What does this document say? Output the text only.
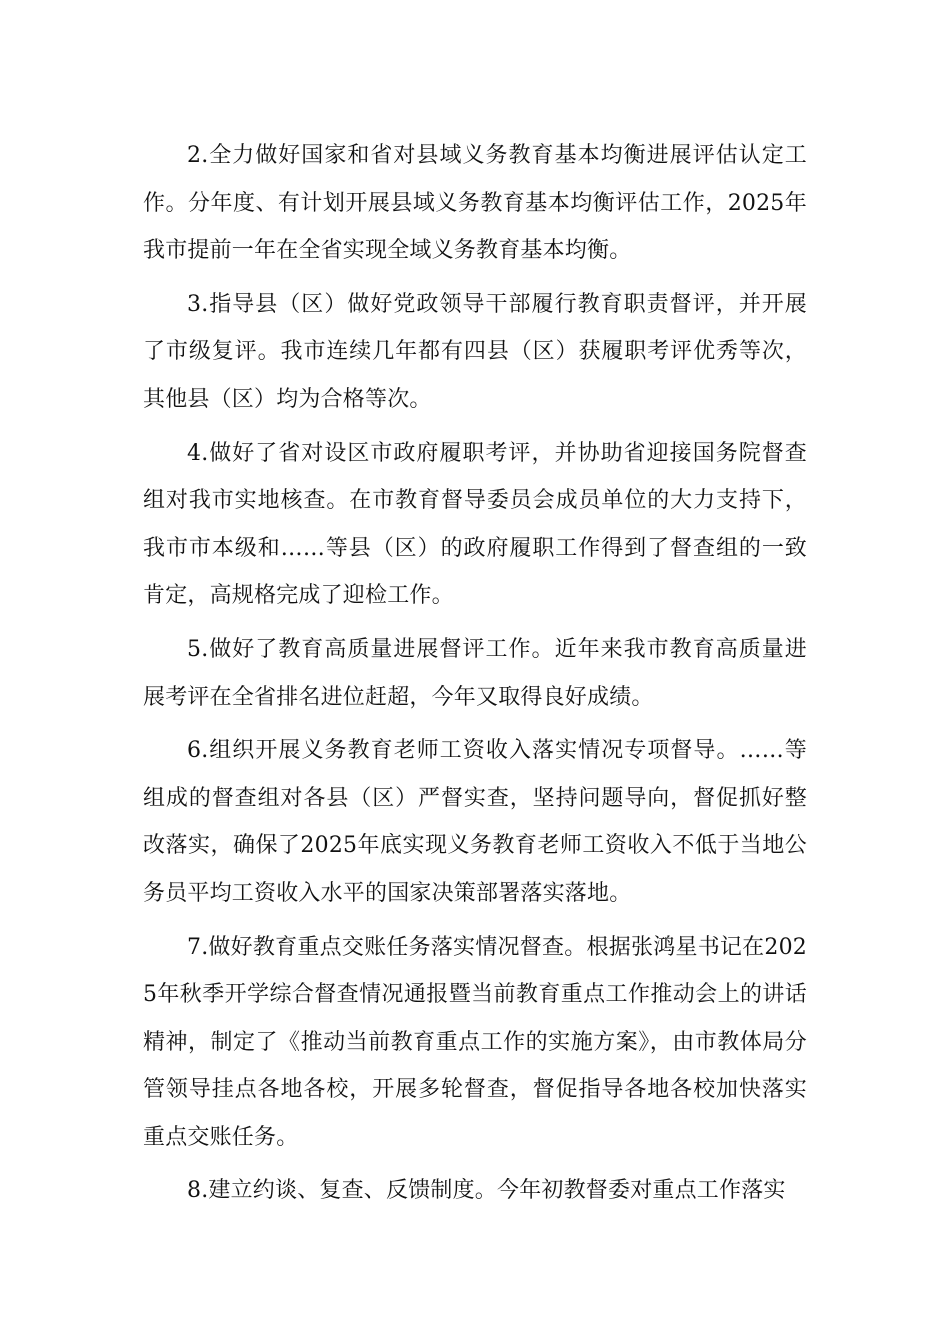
2.全力做好国家和省对县域义务教育基本均衡进展评估认定工作。分年度、有计划开展县域义务教育基本均衡评估工作，2025年我市提前一年在全省实现全域义务教育基本均衡。

3.指导县（区）做好党政领导干部履行教育职责督评，并开展了市级复评。我市连续几年都有四县（区）获履职考评优秀等次，其他县（区）均为合格等次。

4.做好了省对设区市政府履职考评，并协助省迎接国务院督查组对我市实地核查。在市教育督导委员会成员单位的大力支持下，我市市本级和……等县（区）的政府履职工作得到了督查组的一致肯定，高规格完成了迎检工作。

5.做好了教育高质量进展督评工作。近年来我市教育高质量进展考评在全省排名进位赶超，今年又取得良好成绩。

6.组织开展义务教育老师工资收入落实情况专项督导。……等组成的督查组对各县（区）严督实查，坚持问题导向，督促抓好整改落实，确保了2025年底实现义务教育老师工资收入不低于当地公务员平均工资收入水平的国家决策部署落实落地。

7.做好教育重点交账任务落实情况督查。根据张鸿星书记在2025年秋季开学综合督查情况通报暨当前教育重点工作推动会上的讲话精神，制定了《推动当前教育重点工作的实施方案》，由市教体局分管领导挂点各地各校，开展多轮督查，督促指导各地各校加快落实重点交账任务。

8.建立约谈、复查、反馈制度。今年初教督委对重点工作落实
